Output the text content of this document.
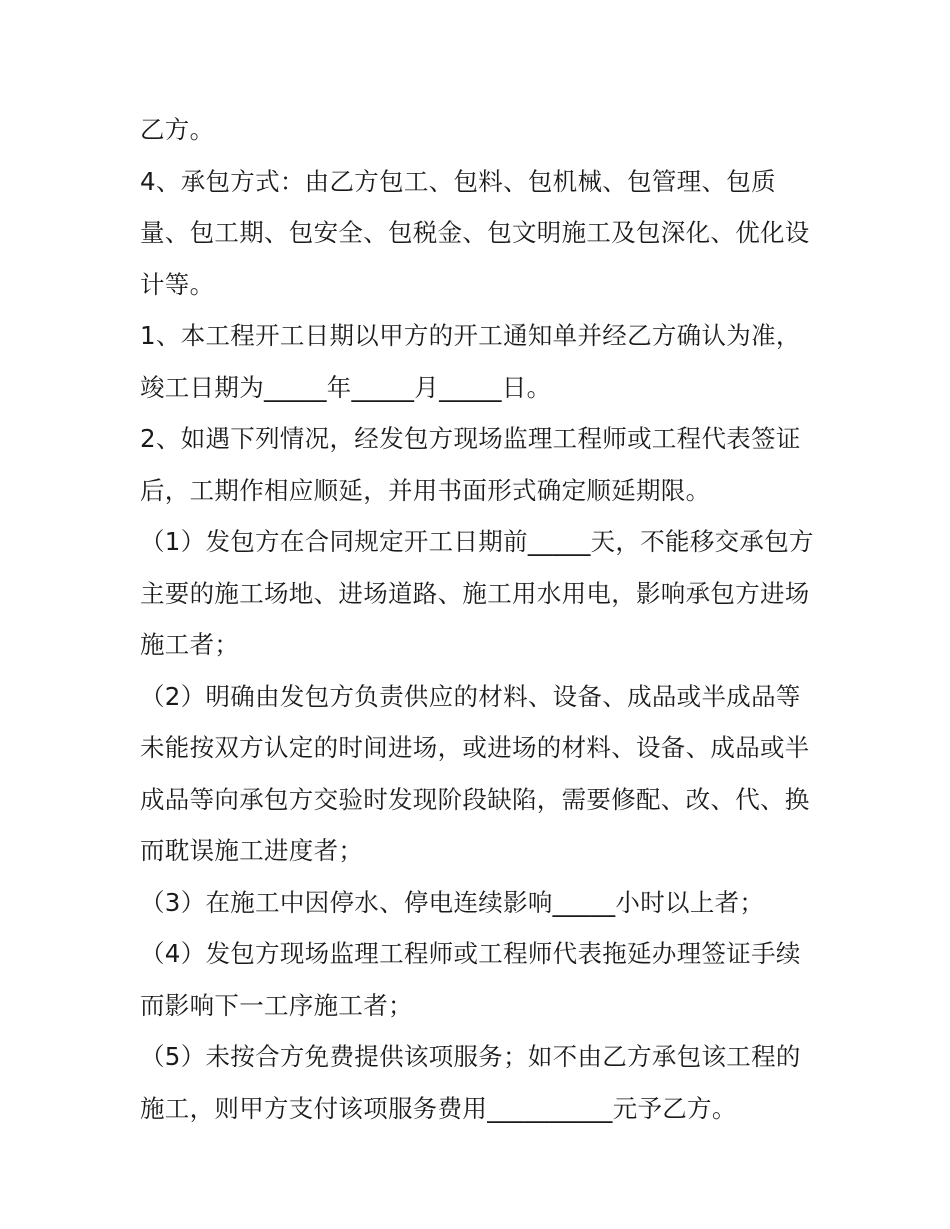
乙方。
4、承包方式：由乙方包工、包料、包机械、包管理、包质
量、包工期、包安全、包税金、包文明施工及包深化、优化设
计等。
1、本工程开工日期以甲方的开工通知单并经乙方确认为准，
竣工日期为_____年_____月_____日。
2、如遇下列情况，经发包方现场监理工程师或工程代表签证
后，工期作相应顺延，并用书面形式确定顺延期限。
（1）发包方在合同规定开工日期前_____天，不能移交承包方
主要的施工场地、进场道路、施工用水用电，影响承包方进场
施工者；
（2）明确由发包方负责供应的材料、设备、成品或半成品等
未能按双方认定的时间进场，或进场的材料、设备、成品或半
成品等向承包方交验时发现阶段缺陷，需要修配、改、代、换
而耽误施工进度者；
（3）在施工中因停水、停电连续影响_____小时以上者；
（4）发包方现场监理工程师或工程师代表拖延办理签证手续
而影响下一工序施工者；
（5）未按合方免费提供该项服务；如不由乙方承包该工程的
施工，则甲方支付该项服务费用__________元予乙方。
